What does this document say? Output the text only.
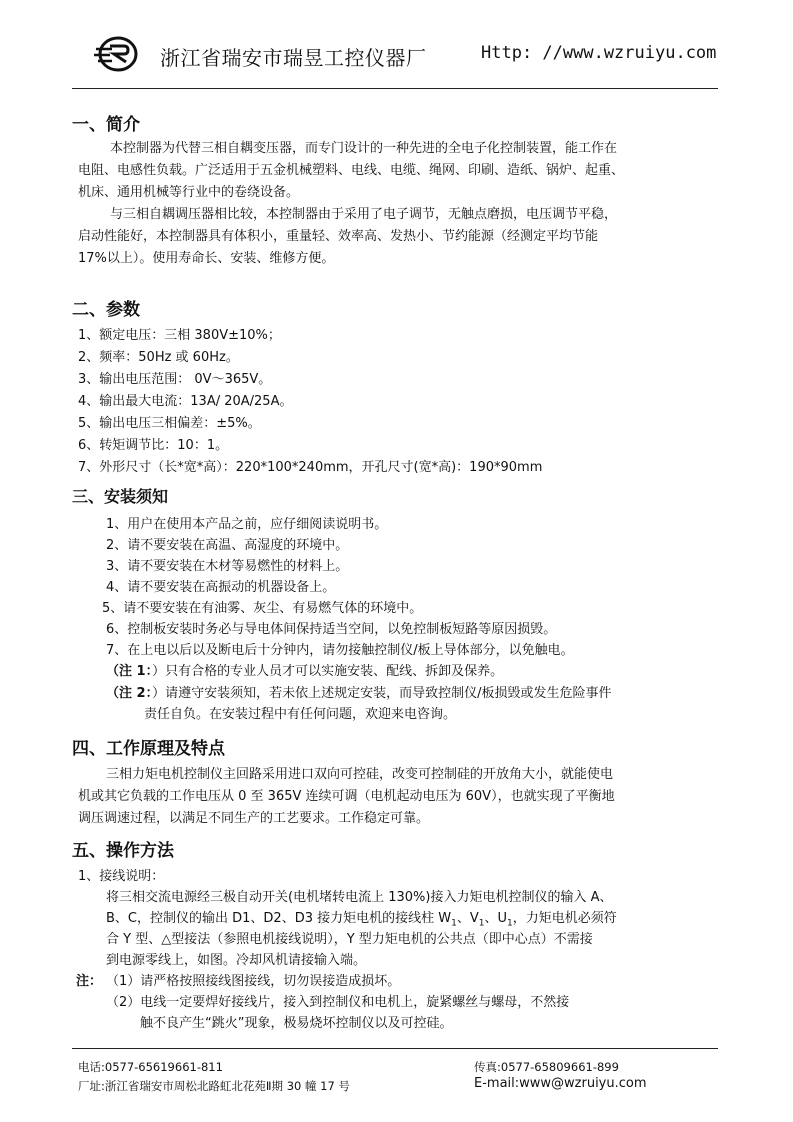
浙江省瑞安市瑞昱工控仪器厂	Http: //www.wzruiyu.com
一、简介
本控制器为代替三相自耦变压器，而专门设计的一种先进的全电子化控制装置，能工作在
电阻、电感性负载。广泛适用于五金机械塑料、电线、电缆、绳网、印刷、造纸、锅炉、起重、
机床、通用机械等行业中的卷绕设备。
与三相自耦调压器相比较，本控制器由于采用了电子调节，无触点磨损，电压调节平稳，
启动性能好，本控制器具有体积小，重量轻、效率高、发热小、节约能源（经测定平均节能
17%以上）。使用寿命长、安装、维修方便。
二、参数
1、额定电压：三相 380V±10%；
2、频率：50Hz 或 60Hz。
3、输出电压范围： 0V～365V。
4、输出最大电流：13A/ 20A/25A。
5、输出电压三相偏差：±5%。
6、转矩调节比：10：1。
7、外形尺寸（长*宽*高）：220*100*240mm，开孔尺寸(宽*高)：190*90mm
三、安装须知
1、用户在使用本产品之前，应仔细阅读说明书。
2、请不要安装在高温、高湿度的环境中。
3、请不要安装在木材等易燃性的材料上。
4、请不要安装在高振动的机器设备上。
5、请不要安装在有油雾、灰尘、有易燃气体的环境中。
6、控制板安装时务必与导电体间保持适当空间，以免控制板短路等原因损毁。
7、在上电以后以及断电后十分钟内，请勿接触控制仪/板上导体部分，以免触电。
（注 1：）只有合格的专业人员才可以实施安装、配线、拆卸及保养。
（注 2：）请遵守安装须知，若未依上述规定安装，而导致控制仪/板损毁或发生危险事件
责任自负。在安装过程中有任何问题，欢迎来电咨询。
四、工作原理及特点
三相力矩电机控制仪主回路采用进口双向可控硅，改变可控制硅的开放角大小，就能使电
机或其它负载的工作电压从 0 至 365V 连续可调（电机起动电压为 60V），也就实现了平衡地
调压调速过程，以满足不同生产的工艺要求。工作稳定可靠。
五、操作方法
1、接线说明：
将三相交流电源经三极自动开关(电机堵转电流上 130%)接入力矩电机控制仪的输入 A、
B、C，控制仪的输出 D1、D2、D3 接力矩电机的接线柱 $W_1$、$V_1$、$U_1$，力矩电机必须符
合 Y 型、△型接法（参照电机接线说明），Y 型力矩电机的公共点（即中心点）不需接
到电源零线上，如图。冷却风机请接输入端。
注： （1）请严格按照接线图接线，切勿误接造成损坏。
（2）电线一定要焊好接线片，接入到控制仪和电机上，旋紧螺丝与螺母，不然接
触不良产生“跳火”现象，极易烧坏控制仪以及可控硅。
电话:0577-65619661-811	传真:0577-65809661-899
厂址:浙江省瑞安市周松北路虹北花苑Ⅱ期 30 幢 17 号	E-mail:www@wzruiyu.com
